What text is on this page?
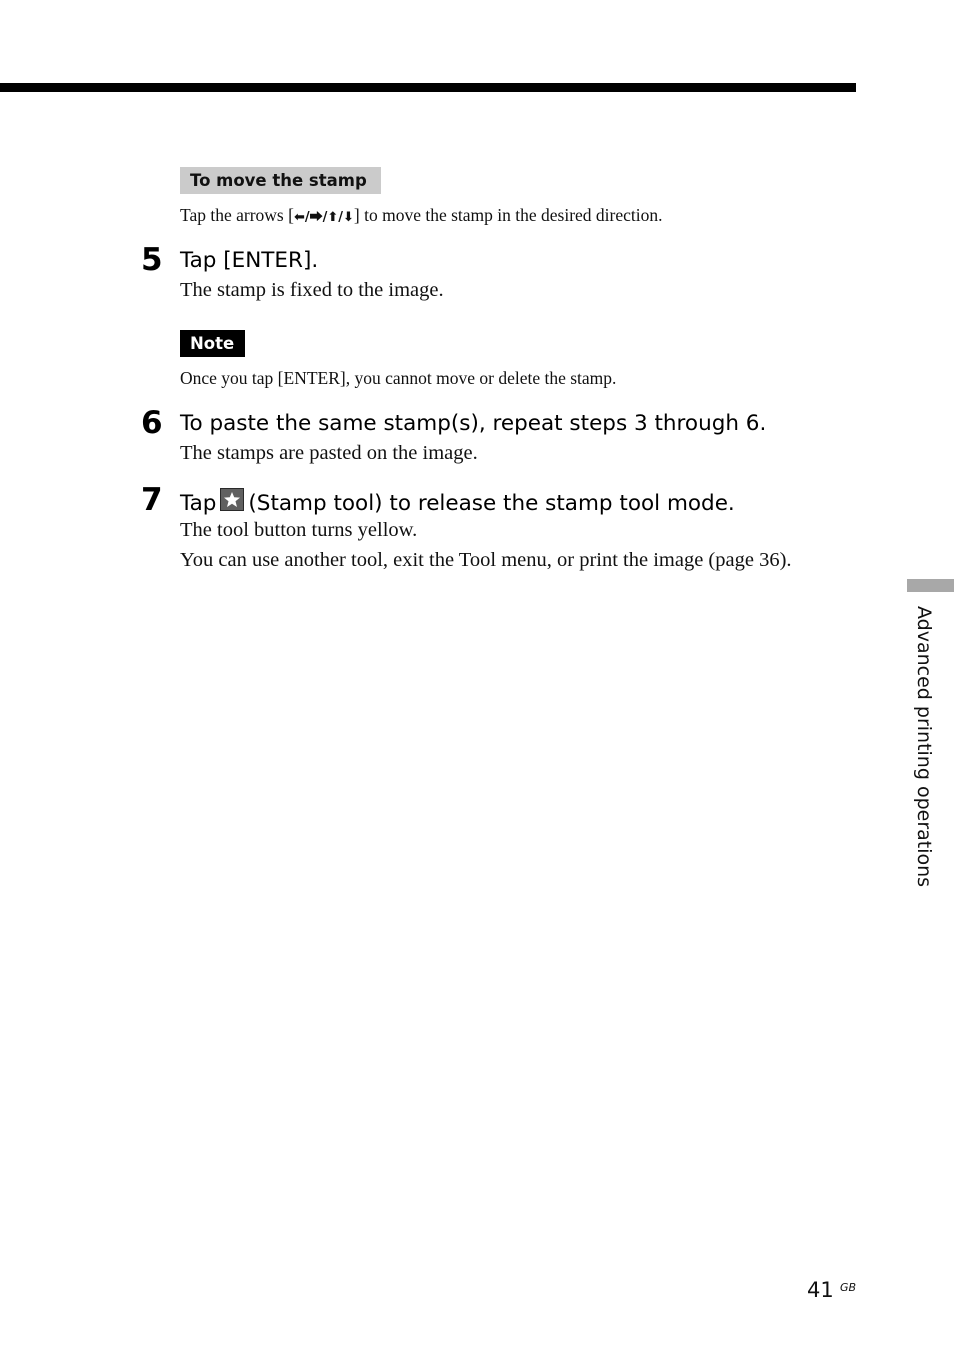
To move the stamp
Tap the arrows [⬅/⮕/⬆/⬇] to move the stamp in the desired direction.
5 Tap [ENTER].
The stamp is fixed to the image.
Note
Once you tap [ENTER], you cannot move or delete the stamp.
6 To paste the same stamp(s), repeat steps 3 through 6.
The stamps are pasted on the image.
7 Tap (Stamp tool) to release the stamp tool mode.
The tool button turns yellow.
You can use another tool, exit the Tool menu, or print the image (page 36).
Advanced printing operations
41 GB
